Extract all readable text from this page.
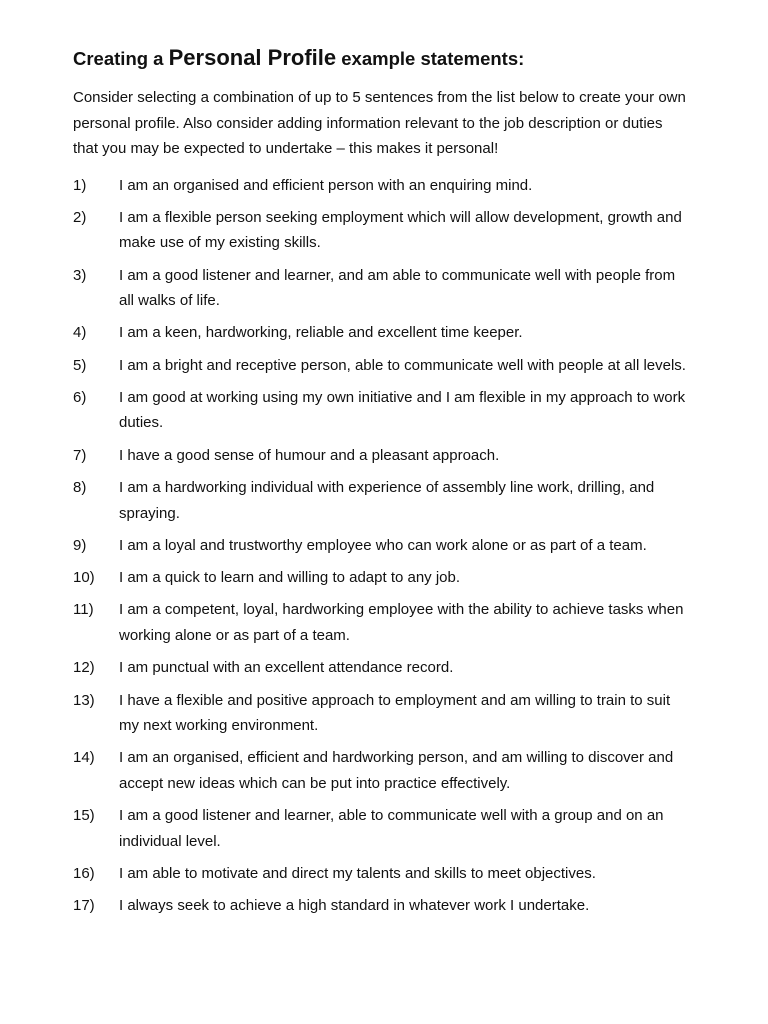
Creating a Personal Profile example statements:

Consider selecting a combination of up to 5 sentences from the list below to create your own personal profile. Also consider adding information relevant to the job description or duties that you may be expected to undertake – this makes it personal!

1)	I am an organised and efficient person with an enquiring mind.
2)	I am a flexible person seeking employment which will allow development, growth and make use of my existing skills.
3)	I am a good listener and learner, and am able to communicate well with people from all walks of life.
4)	I am a keen, hardworking, reliable and excellent time keeper.
5)	I am a bright and receptive person, able to communicate well with people at all levels.
6)	I am good at working using my own initiative and I am flexible in my approach to work duties.
7)	I have a good sense of humour and a pleasant approach.
8)	I am a hardworking individual with experience of assembly line work, drilling, and spraying.
9)	I am a loyal and trustworthy employee who can work alone or as part of a team.
10)	I am a quick to learn and willing to adapt to any job.
11)	I am a competent, loyal, hardworking employee with the ability to achieve tasks when working alone or as part of a team.
12)	I am punctual with an excellent attendance record.
13)	I have a flexible and positive approach to employment and am willing to train to suit my next working environment.
14)	I am an organised, efficient and hardworking person, and am willing to discover and accept new ideas which can be put into practice effectively.
15)	I am a good listener and learner, able to communicate well with a group and on an individual level.
16)	I am able to motivate and direct my talents and skills to meet objectives.
17)	I always seek to achieve a high standard in whatever work I undertake.
